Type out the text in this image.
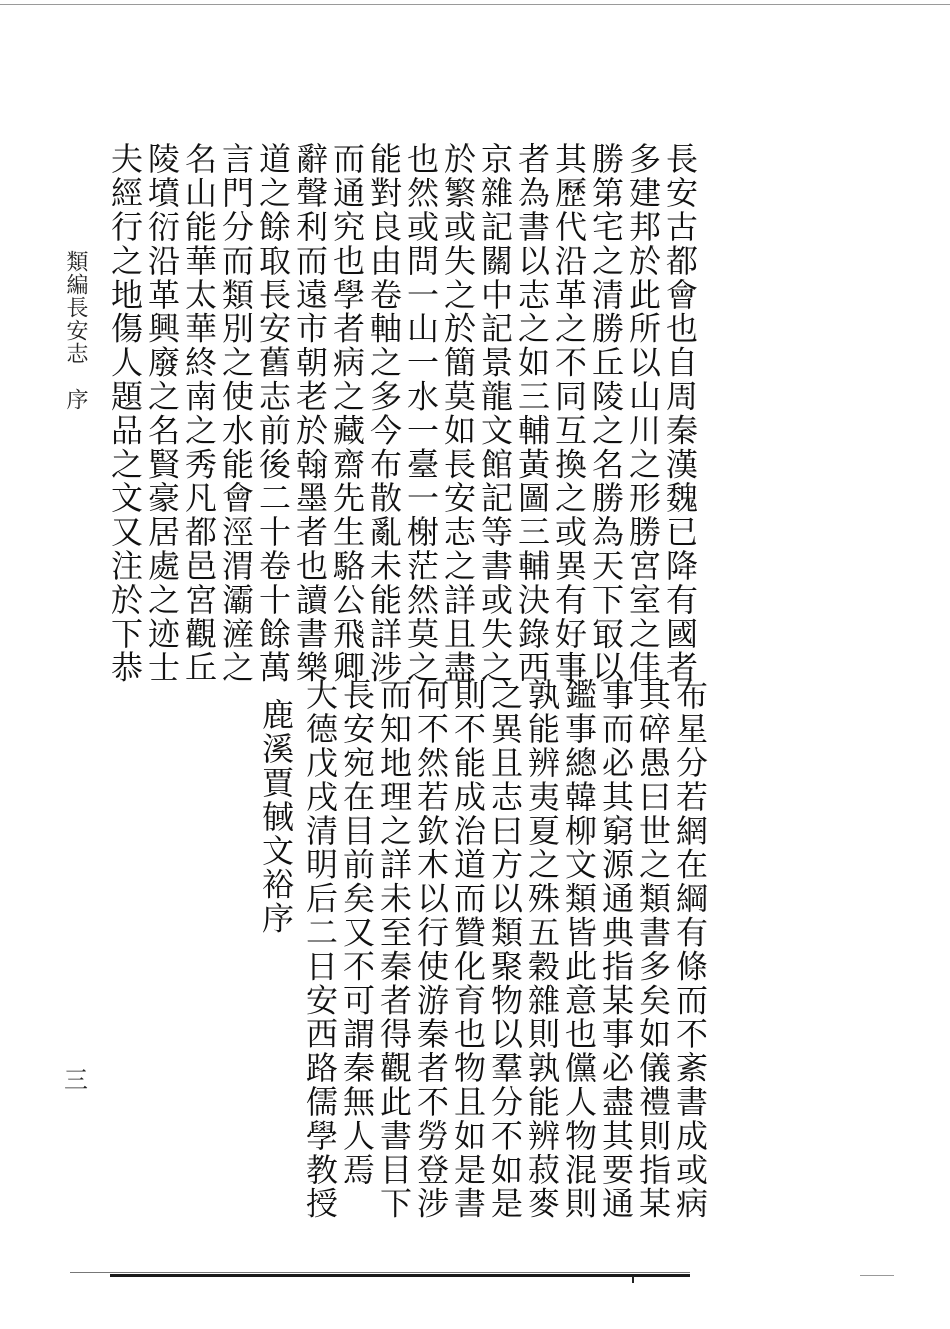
類編長安志　序
三
長安古都會也自周秦漢魏已降有國者
多建邦於此所以山川之形勝宮室之佳
勝第宅之清勝丘陵之名勝為天下冣以
其歷代沿革之不同互換之或異有好事
者為書以志之如三輔黃圖三輔決錄西
京雜記關中記景龍文館記等書或失之
於繁或失之於簡莫如長安志之詳且盡
也然或問一山一水一臺一榭茫然莫之
能對良由卷軸之多今布散亂未能詳涉
而通究也學者病之藏齋先生駱公飛卿
辭聲利而遠市朝老於翰墨者也讀書樂
道之餘取長安舊志前後二十卷十餘萬
言門分而類別之使水能會涇渭灞滻之
名山能華太華終南之秀凡都邑宮觀丘
陵墳衍沿革興廢之名賢豪居處之迹士
夫經行之地傷人題品之文又注於下恭
布星分若網在綱有條而不紊書成或病
其碎愚曰世之類書多矣如儀禮則指某
事而必其窮源通典指某事必盡其要通
鑑事總韓柳文類皆此意也儻人物混則
孰能辨夷夏之殊五穀雜則孰能辨菽麥
之異且志曰方以類聚物以羣分不如是
則不能成治道而贊化育也物且如是書
何不然若欽木以行使游秦者不勞登涉
而知地理之詳未至秦者得觀此書目下
長安宛在目前矣又不可謂秦無人焉
大德戊戌清明后二日安西路儒學教授
鹿溪賈戫文裕序
